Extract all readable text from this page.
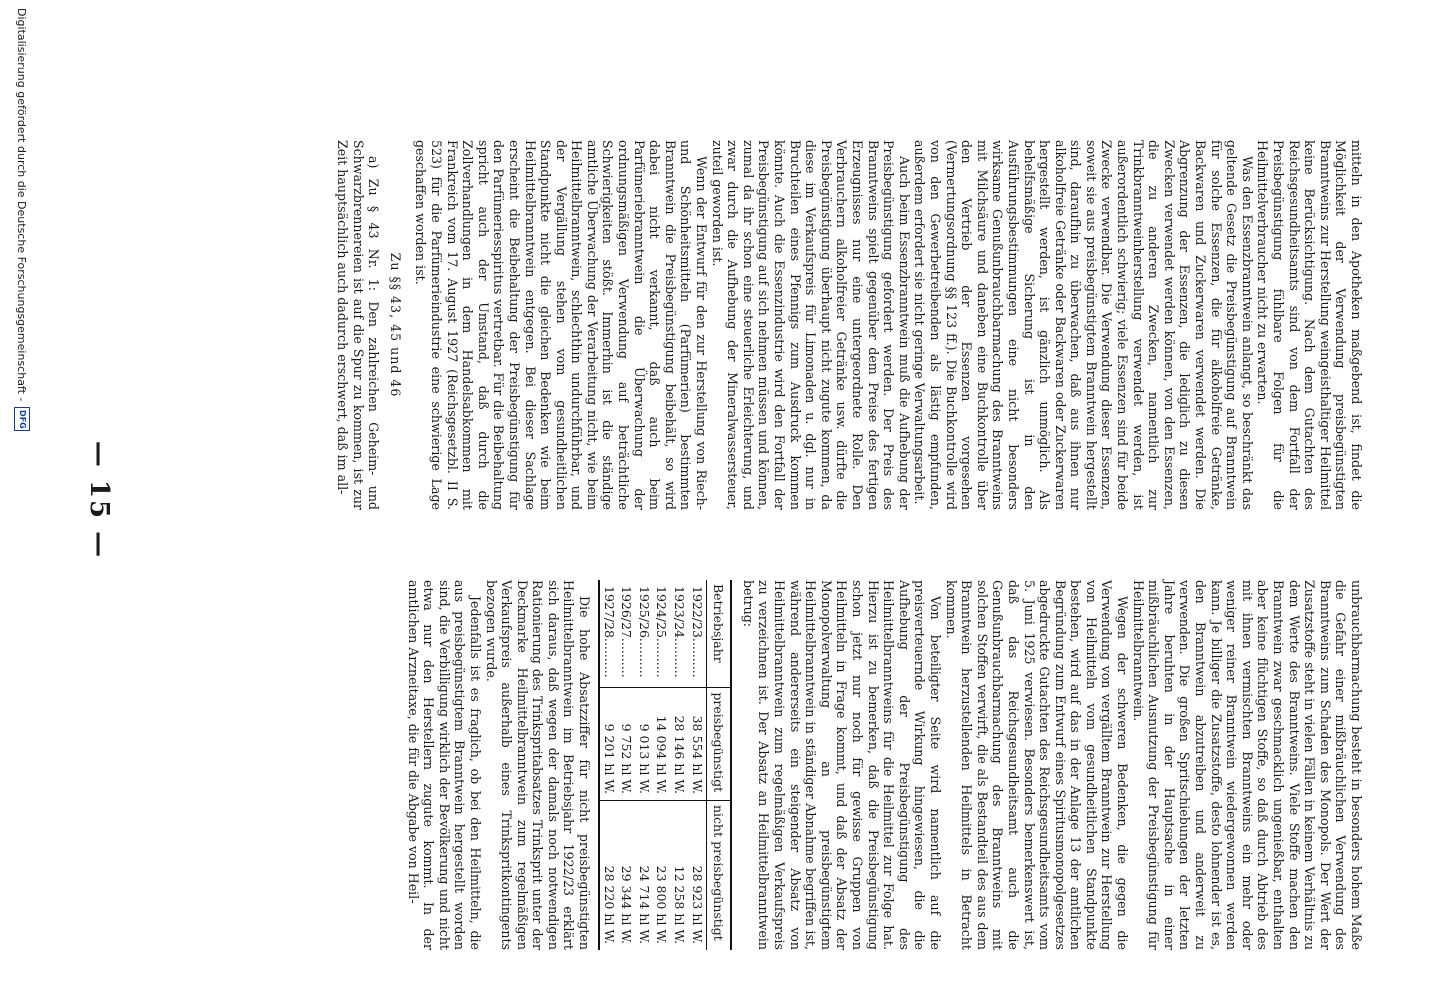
— 15 —	mitteln in den Apotheken maßgebend ist, findet die Möglichkeit der Verwendung preisbegünstigten Branntweins zur Herstellung weingeisthaltiger Heilmittel keine Berücksichtigung. Nach dem Gutachten des Reichsgesundheitsamts sind von dem Fortfall der Preisbegünstigung fühlbare Folgen für die Heilmittelverbraucher nicht zu erwarten.

Was den Essenzbranntwein anlangt, so beschränkt das geltende Gesetz die Preisbegünstigung auf Branntwein für solche Essenzen, die für alkoholfreie Getränke, Backwaren und Zuckerwaren verwendet werden. Die Abgrenzung der Essenzen, die lediglich zu diesen Zwecken verwendet werden können, von den Essenzen, die zu anderen Zwecken, namentlich zur Trinkbranntweinherstellung verwendet werden, ist außerordentlich schwierig; viele Essenzen sind für beide Zwecke verwendbar. Die Verwendung dieser Essenzen, soweit sie aus preisbegünstigtem Branntwein hergestellt sind, daraufhin zu überwachen, daß aus ihnen nur alkoholfreie Getränke oder Backwaren oder Zuckerwaren hergestellt werden, ist gänzlich unmöglich. Als behelfsmäßige Sicherung ist in den Ausführungsbestimmungen eine nicht besonders wirksame Genußunbrauchbarmachung des Branntweins mit Milchsäure und daneben eine Buchkontrolle über den Vertrieb der Essenzen vorgesehen (Vermertungsordnung §§ 123 ff.). Die Buchkontrolle wird von den Gewerbetreibenden als lästig empfunden, außerdem erfordert sie nicht geringe Verwaltungsarbeit.

Auch beim Essenzbranntwein muß die Aufhebung der Preisbegünstigung gefordert werden. Der Preis des Branntweins spielt gegenüber dem Preise des fertigen Erzeugnisses nur eine untergeordnete Rolle. Den Verbrauchern alkoholfreier Getränke usw. dürfte die Preisbegünstigung überhaupt nicht zugute kommen, da diese im Verkaufspreis für Limonaden u. dgl. nur in Bruchteilen eines Pfennigs zum Ausdruck kommen könnte. Auch die Essenzindustrie wird den Fortfall der Preisbegünstigung auf sich nehmen müssen und können, zumal da ihr schon eine steuerliche Erleichterung, und zwar durch die Aufhebung der Mineralwassersteuer, zuteil geworden ist.

Wenn der Entwurf für den zur Herstellung von Riech- und Schönheitsmitteln (Parfümerien) bestimmten Branntwein die Preisbegünstigung beibehält, so wird dabei nicht verkannt, daß auch beim Parfümeriebranntwein die Überwachung der ordnungsmäßigen Verwendung auf beträchtliche Schwierigkeiten stößt. Immerhin ist die ständige amtliche Überwachung der Verarbeitung nicht, wie beim Heilmittelbranntwein, schlechthin undurchführbar, und der Vergällung stehen vom gesundheitlichen Standpunkte nicht die gleichen Bedenken wie beim Heilmittelbranntwein entgegen. Bei dieser Sachlage erscheint die Beibehaltung der Preisbegünstigung für den Parfümeriesspiritus vertretbar. Für die Beibehaltung spricht auch der Umstand, daß durch die Zollverhandlungen in dem Handelsabkommen mit Frankreich vom 17. August 1927 (Reichsgesetzbl. II S. 523) für die Parfümerieindustrie eine schwierige Lage geschaffen worden ist.

Zu §§ 43, 45 und 46

a) Zu § 43 Nr. 1: Den zahlreichen Geheim- und Schwarzbrennereien ist auf die Spur zu kommen, ist zur Zeit hauptsächlich auch dadurch erschwert, daß im all-

unbrauchbarmachung besteht in besonders hohem Maße die Gefahr einer mißbräuchlichen Verwendung des Branntweins zum Schaden des Monopols. Der Wert der Zusatzstoffe steht in vielen Fällen in keinem Verhältnis zu dem Werte des Branntweins. Viele Stoffe machen den Branntwein zwar geschmacklich ungenießbar, enthalten aber keine flüchtigen Stoffe, so daß durch Abtrieb des mit ihnen vermischten Branntweins ein mehr oder weniger reiner Branntwein wiedergewonnen werden kann. Je billiger die Zusatzstoffe, desto lohnender ist es, den Branntwein abzutreiben und anderweit zu verwenden. Die großen Spritschiebungen der letzten Jahre beruhten in der Hauptsache in einer mißbräuchlichen Ausnutzung der Preisbegünstigung für Heilmittelbranntwein.

Wegen der schweren Bedenken, die gegen die Verwendung von vergälltem Branntwein zur Herstellung von Heilmitteln vom gesundheitlichen Standpunkte bestehen, wird auf das in der Anlage 13 der amtlichen Begründung zum Entwurf eines Spiritusmonopolgesetzes abgedruckte Gutachten des Reichsgesundheitsamts vom 5. Juni 1925 verwiesen. Besonders bemerkenswert ist, daß das Reichsgesundheitsamt auch die Genußunbrauchbarmachung des Branntweins mit solchen Stoffen verwirft, die als Bestandteil des aus dem Branntwein herzustellenden Heilmittels in Betracht kommen.

Von beteiligter Seite wird namentlich auf die preisverteuernde Wirkung hingewiesen, die die Aufhebung der Preisbegünstigung des Heilmittelbranntweins für die Heilmittel zur Folge hat. Hierzu ist zu bemerken, daß die Preisbegünstigung schon jetzt nur noch für gewisse Gruppen von Heilmitteln in Frage kommt, und daß der Absatz der Monopolverwaltung an preisbegünstigtem Heilmittelbranntwein in ständiger Abnahme begriffen ist, während andererseits ein steigender Absatz von Heilmittelbranntwein zum regelmäßigen Verkaufspreis zu verzeichnen ist. Der Absatz an Heilmittelbranntwein betrug:

Betriebsjahr	preisbegünstigt	nicht preisbegünstigt
1922/23..........	38 554 hl W.	28 923 hl W.
1923/24..........	28 146 hl W.	12 258 hl W.
1924/25..........	14 094 hl W.	23 800 hl W.
1925/26..........	9 013 hl W.	24 714 hl W.
1926/27..........	9 752 hl W.	29 344 hl W.
1927/28..........	9 201 hl W.	28 220 hl W.

Die hohe Absatzziffer für nicht preisbegünstigten Heilmittelbranntwein im Betriebsjahr 1922/23 erklärt sich daraus, daß wegen der damals noch notwendigen Rationierung des Trinkspritabsatzes Trinksprit unter der Deckmarke Heilmittelbranntwein zum regelmäßigen Verkaufspreis außerhalb eines Trinkspritkontingents bezogen wurde.

Jedenfalls ist es fraglich, ob bei den Heilmitteln, die aus preisbegünstigtem Branntwein hergestellt worden sind, die Verbilligung wirklich der Bevölkerung und nicht etwa nur den Herstellern zugute kommt. In der amtlichen Arzneitaxe, die für die Abgabe von Heil-

Digitalisierung gefördert durch die Deutsche Forschungsgemeinschaft -
DFG
